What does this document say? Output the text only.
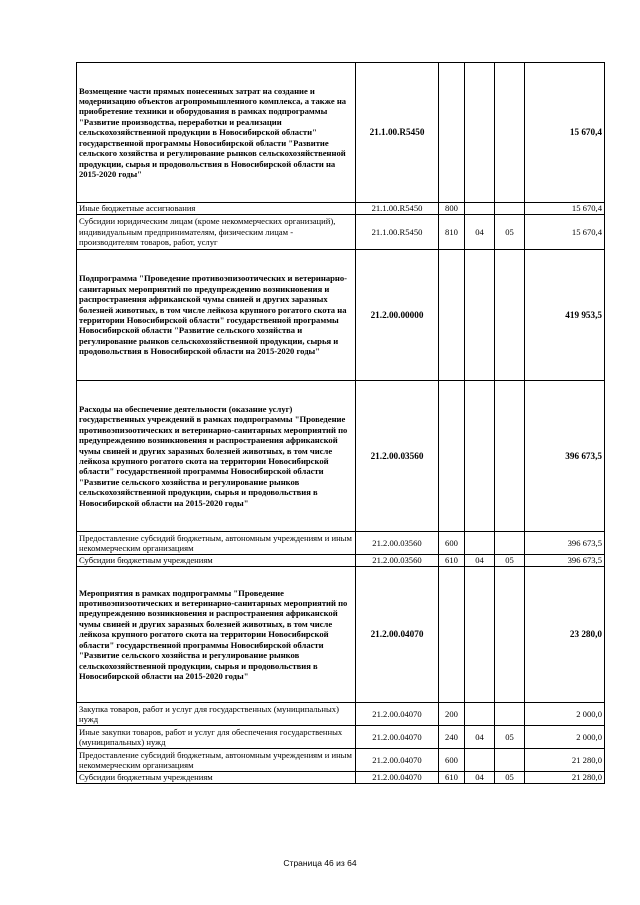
Возмещение части прямых понесенных затрат на создание и модернизацию объектов агропромышленного комплекса, а также на приобретение техники и оборудования в рамках подпрограммы "Развитие производства, переработки и реализации сельскохозяйственной продукции в Новосибирской области" государственной программы Новосибирской области "Развитие сельского хозяйства и регулирование рынков сельскохозяйственной продукции, сырья и продовольствия в Новосибирской области на 2015-2020 годы"	21.1.00.R5450				15 670,4
Иные бюджетные ассигнования	21.1.00.R5450	800			15 670,4
Субсидии юридическим лицам (кроме некоммерческих организаций), индивидуальным предпринимателям, физическим лицам - производителям товаров, работ, услуг	21.1.00.R5450	810	04	05	15 670,4
Подпрограмма "Проведение противоэпизоотических и ветеринарно-санитарных мероприятий по предупреждению возникновения и распространения африканской чумы свиней и других заразных болезней животных, в том числе лейкоза крупного рогатого скота на территории Новосибирской области" государственной программы Новосибирской области "Развитие сельского хозяйства и регулирование рынков сельскохозяйственной продукции, сырья и продовольствия в Новосибирской области на 2015-2020 годы"	21.2.00.00000				419 953,5
Расходы на обеспечение деятельности (оказание услуг) государственных учреждений в рамках подпрограммы "Проведение противоэпизоотических и ветеринарно-санитарных мероприятий по предупреждению возникновения и распространения африканской чумы свиней и других заразных болезней животных, в том числе лейкоза крупного рогатого скота на территории Новосибирской области" государственной программы Новосибирской области "Развитие сельского хозяйства и регулирование рынков сельскохозяйственной продукции, сырья и продовольствия в Новосибирской области на 2015-2020 годы"	21.2.00.03560				396 673,5
Предоставление субсидий бюджетным, автономным учреждениям и иным некоммерческим организациям	21.2.00.03560	600			396 673,5
Субсидии бюджетным учреждениям	21.2.00.03560	610	04	05	396 673,5
Мероприятия в рамках подпрограммы "Проведение противоэпизоотических и ветеринарно-санитарных мероприятий по предупреждению возникновения и распространения африканской чумы свиней и других заразных болезней животных, в том числе лейкоза крупного рогатого скота на территории Новосибирской области" государственной программы Новосибирской области "Развитие сельского хозяйства и регулирование рынков сельскохозяйственной продукции, сырья и продовольствия в Новосибирской области на 2015-2020 годы"	21.2.00.04070				23 280,0
Закупка товаров, работ и услуг для государственных (муниципальных) нужд	21.2.00.04070	200			2 000,0
Иные закупки товаров, работ и услуг для обеспечения государственных (муниципальных) нужд	21.2.00.04070	240	04	05	2 000,0
Предоставление субсидий бюджетным, автономным учреждениям и иным некоммерческим организациям	21.2.00.04070	600			21 280,0
Субсидии бюджетным учреждениям	21.2.00.04070	610	04	05	21 280,0
Страница 46 из 64
